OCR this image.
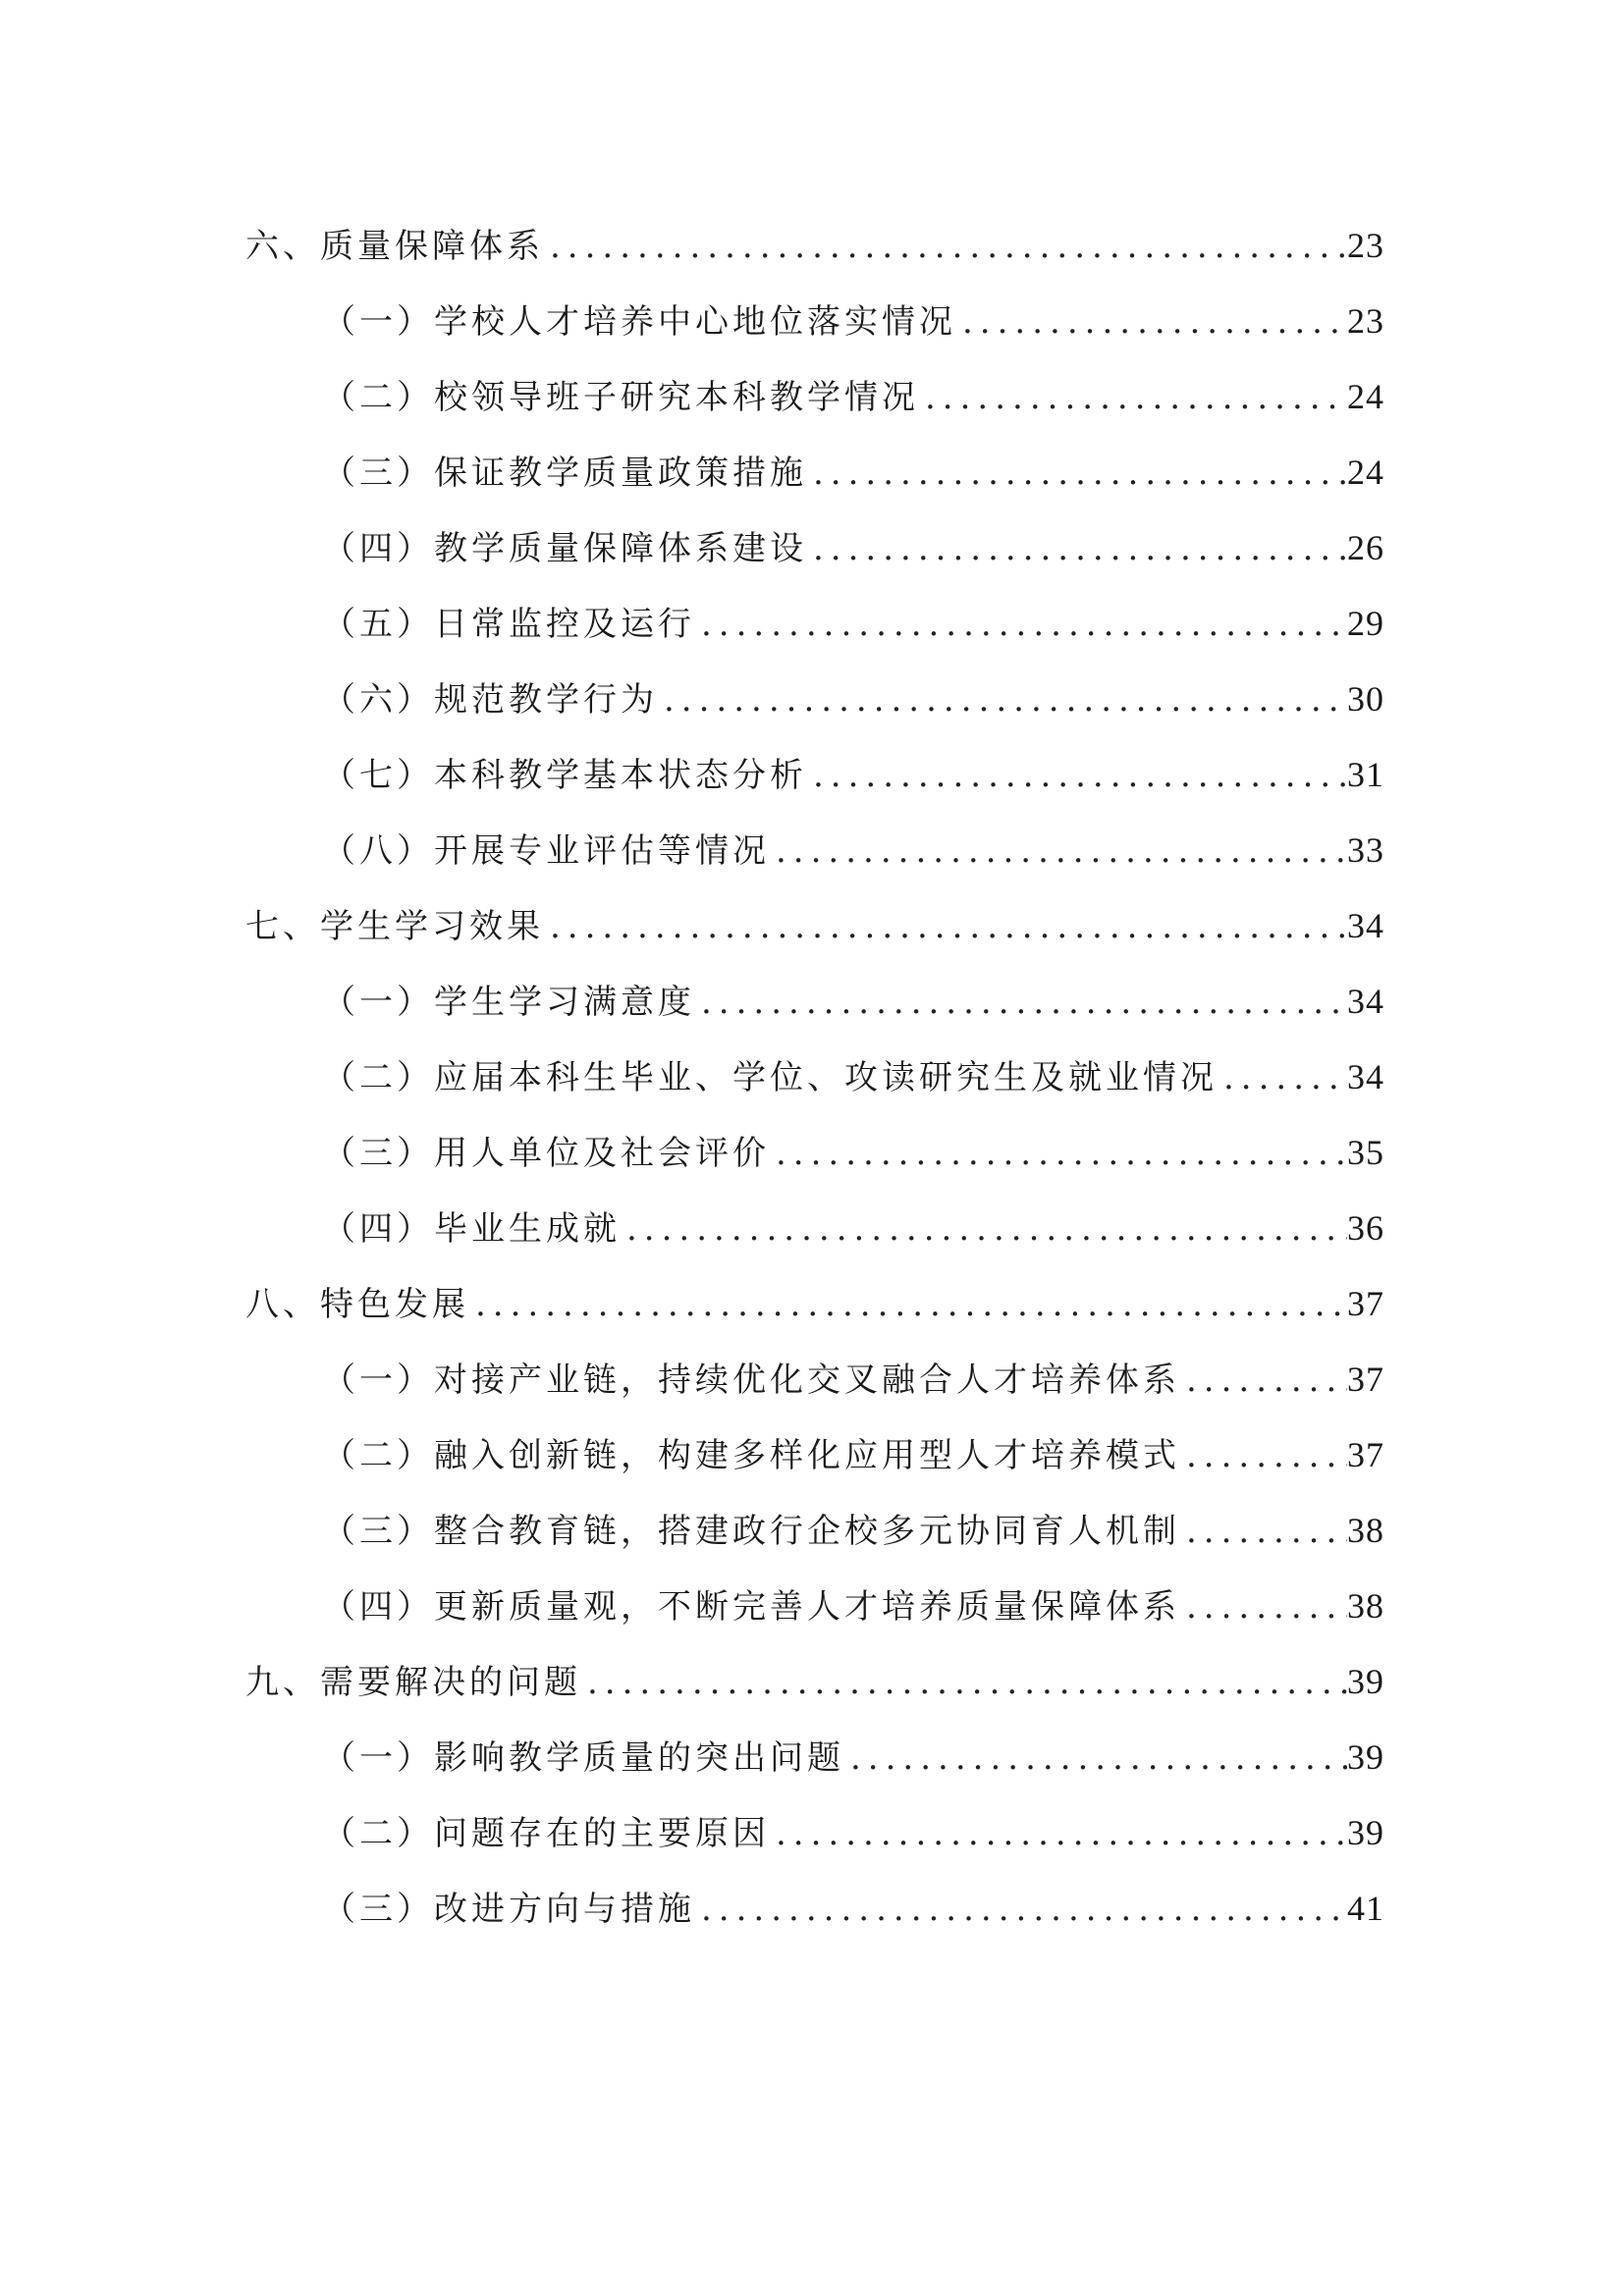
六、质量保障体系 .....	23
（一）学校人才培养中心地位落实情况 .....	23
（二）校领导班子研究本科教学情况 .....	24
（三）保证教学质量政策措施 .....	24
（四）教学质量保障体系建设 .....	26
（五）日常监控及运行 .....	29
（六）规范教学行为 .....	30
（七）本科教学基本状态分析 .....	31
（八）开展专业评估等情况 .....	33
七、学生学习效果 .....	34
（一）学生学习满意度 .....	34
（二）应届本科生毕业、学位、攻读研究生及就业情况 .....	34
（三）用人单位及社会评价 .....	35
（四）毕业生成就 .....	36
八、特色发展 .....	37
（一）对接产业链，持续优化交叉融合人才培养体系 .....	37
（二）融入创新链，构建多样化应用型人才培养模式 .....	37
（三）整合教育链，搭建政行企校多元协同育人机制 .....	38
（四）更新质量观，不断完善人才培养质量保障体系 .....	38
九、需要解决的问题 .....	39
（一）影响教学质量的突出问题 .....	39
（二）问题存在的主要原因 .....	39
（三）改进方向与措施 .....	41
